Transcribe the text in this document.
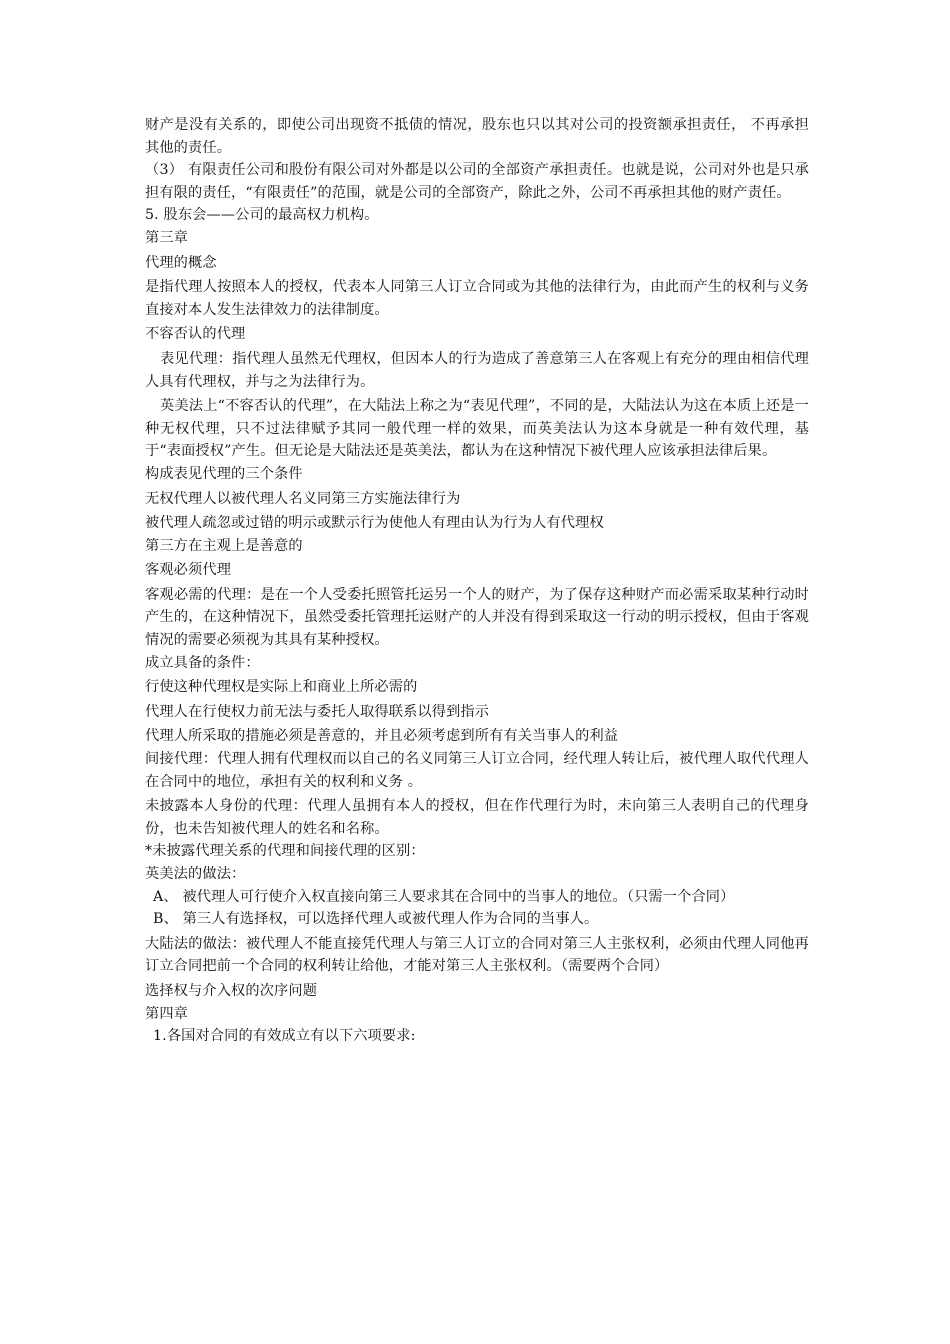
财产是没有关系的，即使公司出现资不抵债的情况，股东也只以其对公司的投资额承担责任， 不再承担其他的责任。

（3） 有限责任公司和股份有限公司对外都是以公司的全部资产承担责任。也就是说，公司对外也是只承担有限的责任，“有限责任”的范围，就是公司的全部资产，除此之外，公司不再承担其他的财产责任。

5. 股东会——公司的最高权力机构。

第三章

代理的概念

是指代理人按照本人的授权，代表本人同第三人订立合同或为其他的法律行为，由此而产生的权利与义务直接对本人发生法律效力的法律制度。

不容否认的代理

表见代理：指代理人虽然无代理权，但因本人的行为造成了善意第三人在客观上有充分的理由相信代理人具有代理权，并与之为法律行为。

英美法上“不容否认的代理”，在大陆法上称之为“表见代理”，不同的是，大陆法认为这在本质上还是一种无权代理，只不过法律赋予其同一般代理一样的效果，而英美法认为这本身就是一种有效代理，基于“表面授权”产生。但无论是大陆法还是英美法，都认为在这种情况下被代理人应该承担法律后果。

构成表见代理的三个条件

无权代理人以被代理人名义同第三方实施法律行为

被代理人疏忽或过错的明示或默示行为使他人有理由认为行为人有代理权

第三方在主观上是善意的

客观必须代理

客观必需的代理：是在一个人受委托照管托运另一个人的财产，为了保存这种财产而必需采取某种行动时产生的，在这种情况下，虽然受委托管理托运财产的人并没有得到采取这一行动的明示授权，但由于客观情况的需要必须视为其具有某种授权。

成立具备的条件：

行使这种代理权是实际上和商业上所必需的

代理人在行使权力前无法与委托人取得联系以得到指示

代理人所采取的措施必须是善意的，并且必须考虑到所有有关当事人的利益

间接代理：代理人拥有代理权而以自己的名义同第三人订立合同，经代理人转让后，被代理人取代代理人在合同中的地位，承担有关的权利和义务 。

未披露本人身份的代理：代理人虽拥有本人的授权，但在作代理行为时，未向第三人表明自己的代理身份，也未告知被代理人的姓名和名称。

*未披露代理关系的代理和间接代理的区别：

英美法的做法：

A、 被代理人可行使介入权直接向第三人要求其在合同中的当事人的地位。（只需一个合同）

B、 第三人有选择权，可以选择代理人或被代理人作为合同的当事人。

大陆法的做法：被代理人不能直接凭代理人与第三人订立的合同对第三人主张权利，必须由代理人同他再订立合同把前一个合同的权利转让给他，才能对第三人主张权利。（需要两个合同）

选择权与介入权的次序问题

第四章

1.各国对合同的有效成立有以下六项要求:
